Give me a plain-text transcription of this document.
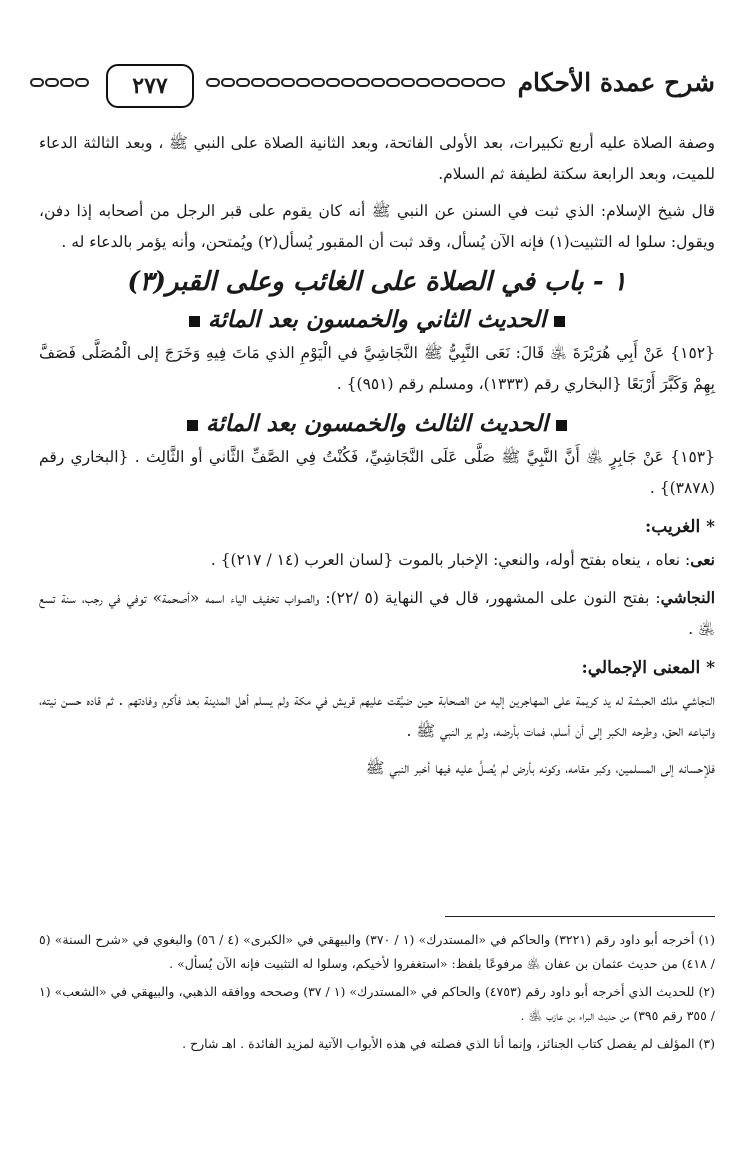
شرح عمدة الأحكام
٢٧٧

وصفة الصلاة عليه أربع تكبيرات، بعد الأولى الفاتحة، وبعد الثانية الصلاة على النبي ﷺ ، وبعد الثالثة الدعاء للميت، وبعد الرابعة سكتة لطيفة ثم السلام.

قال شيخ الإسلام: الذي ثبت في السنن عن النبي ﷺ أنه كان يقوم على قبر الرجل من أصحابه إذا دفن، ويقول: سلوا له التثبيت(١) فإنه الآن يُسأل، وقد ثبت أن المقبور يُسأل(٢) ويُمتحن، وأنه يؤمر بالدعاء له .

١ - باب في الصلاة على الغائب وعلى القبر(٣)
الحديث الثاني والخمسون بعد المائة

{١٥٢} عَنْ أَبِي هُرَيْرَةَ ﵁ قَالَ: نَعَى النَّبِيُّ ﷺ النَّجَاشِيَّ في الْيَوْمِ الذي مَاتَ فِيهِ وَخَرَجَ إلى الْمُصَلَّى فَصَفَّ بِهِمْ وَكَبَّرَ أَرْبَعًا {البخاري رقم (١٣٣٣)، ومسلم رقم (٩٥١)} .

الحديث الثالث والخمسون بعد المائة

{١٥٣} عَنْ جَابِرٍ ﵁ أَنَّ النَّبِيَّ ﷺ صَلَّى عَلَى النَّجَاشِيِّ، فَكُنْتُ فِي الصَّفِّ الثَّاني أو الثَّالِث . {البخاري رقم (٣٨٧٨)} .

* الغريب:

نعى: نعاه ، ينعاه بفتح أوله، والنعي: الإخبار بالموت {لسان العرب (١٤ / ٢١٧)} .

النجاشي: بفتح النون على المشهور، قال في النهاية (٥ /٢٢): والصواب تخفيف الياء اسمه «أصحمة» توفي في رجب، سنة تسع ﵁ .

* المعنى الإجمالي:

النجاشي ملك الحبشة له يد كريمة على المهاجرين إليه من الصحابة حين ضيَّقت عليهم قريش في مكة ولم يسلم أهل المدينة بعد فأكرم وفادتهم . ثم قاده حسن نيته، واتباعه الحق، وطرحه الكبر إلى أن أسلم، فمات بأرضه، ولم ير النبي ﷺ .

فلإحسانه إلى المسلمين، وكبر مقامه، وكونه بأرض لم يُصلَّ عليه فيها أخبر النبي ﷺ

(١) أخرجه أبو داود رقم (٣٢٢١) والحاكم في «المستدرك» (١ / ٣٧٠) والبيهقي في «الكبرى» (٤ / ٥٦) والبغوي في «شرح السنة» (٥ / ٤١٨) من حديث عثمان بن عفان ﵁ مرفوعًا بلفظ: «استغفروا لأخيكم، وسلوا له التثبيت فإنه الآن يُسأل» .

(٢) للحديث الذي أخرجه أبو داود رقم (٤٧٥٣) والحاكم في «المستدرك» (١ / ٣٧) وصححه ووافقه الذهبي، والبيهقي في «الشعب» (١ / ٣٥٥ رقم ٣٩٥) من حديث البراء بن عازب ﵁ .

(٣) المؤلف لم يفصل كتاب الجنائز، وإنما أنا الذي فصلته في هذه الأبواب الآتية لمزيد الفائدة . اهـ شارح .
